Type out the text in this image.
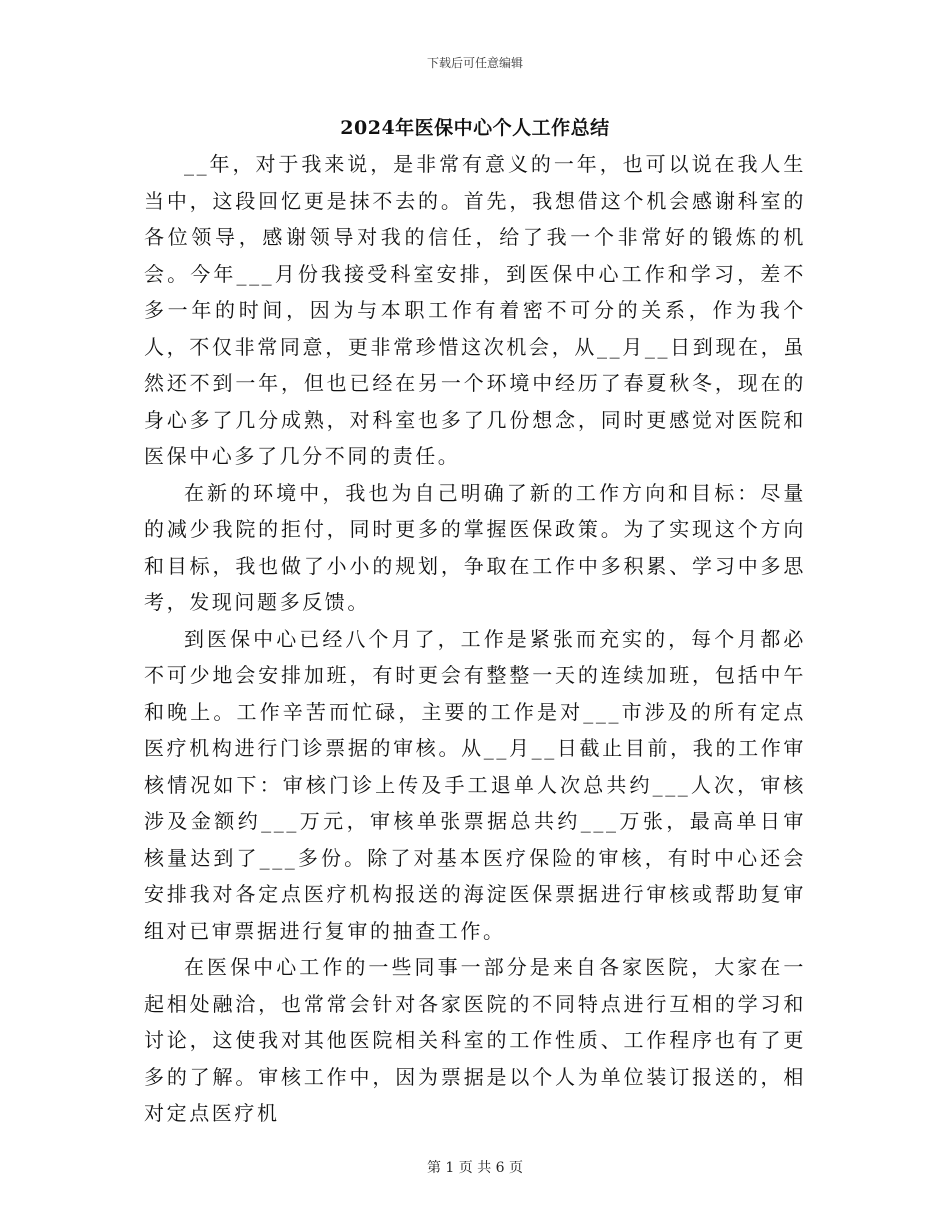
下载后可任意编辑
2024年医保中心个人工作总结

__年，对于我来说，是非常有意义的一年，也可以说在我人生当中，这段回忆更是抹不去的。首先，我想借这个机会感谢科室的各位领导，感谢领导对我的信任，给了我一个非常好的锻炼的机会。今年___月份我接受科室安排，到医保中心工作和学习，差不多一年的时间，因为与本职工作有着密不可分的关系，作为我个人，不仅非常同意，更非常珍惜这次机会，从__月__日到现在，虽然还不到一年，但也已经在另一个环境中经历了春夏秋冬，现在的身心多了几分成熟，对科室也多了几份想念，同时更感觉对医院和医保中心多了几分不同的责任。

在新的环境中，我也为自己明确了新的工作方向和目标：尽量的减少我院的拒付，同时更多的掌握医保政策。为了实现这个方向和目标，我也做了小小的规划，争取在工作中多积累、学习中多思考，发现问题多反馈。

到医保中心已经八个月了，工作是紧张而充实的，每个月都必不可少地会安排加班，有时更会有整整一天的连续加班，包括中午和晚上。工作辛苦而忙碌，主要的工作是对___市涉及的所有定点医疗机构进行门诊票据的审核。从__月__日截止目前，我的工作审核情况如下：审核门诊上传及手工退单人次总共约___人次，审核涉及金额约___万元，审核单张票据总共约___万张，最高单日审核量达到了___多份。除了对基本医疗保险的审核，有时中心还会安排我对各定点医疗机构报送的海淀医保票据进行审核或帮助复审组对已审票据进行复审的抽查工作。

在医保中心工作的一些同事一部分是来自各家医院，大家在一起相处融洽，也常常会针对各家医院的不同特点进行互相的学习和讨论，这使我对其他医院相关科室的工作性质、工作程序也有了更多的了解。审核工作中，因为票据是以个人为单位装订报送的，相对定点医疗机

第 1 页 共 6 页
